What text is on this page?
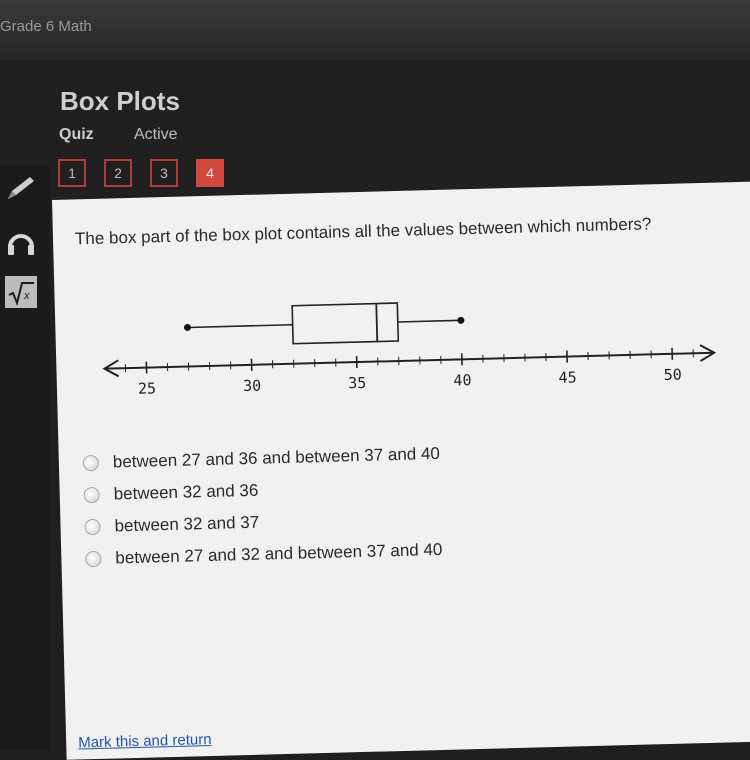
Grade 6 Math
Box Plots
Quiz	Active
1	2	3	4
x
The box part of the box plot contains all the values between which numbers?
25	30	35	40	45	50
between 27 and 36 and between 37 and 40
between 32 and 36
between 32 and 37
between 27 and 32 and between 37 and 40
Mark this and return
